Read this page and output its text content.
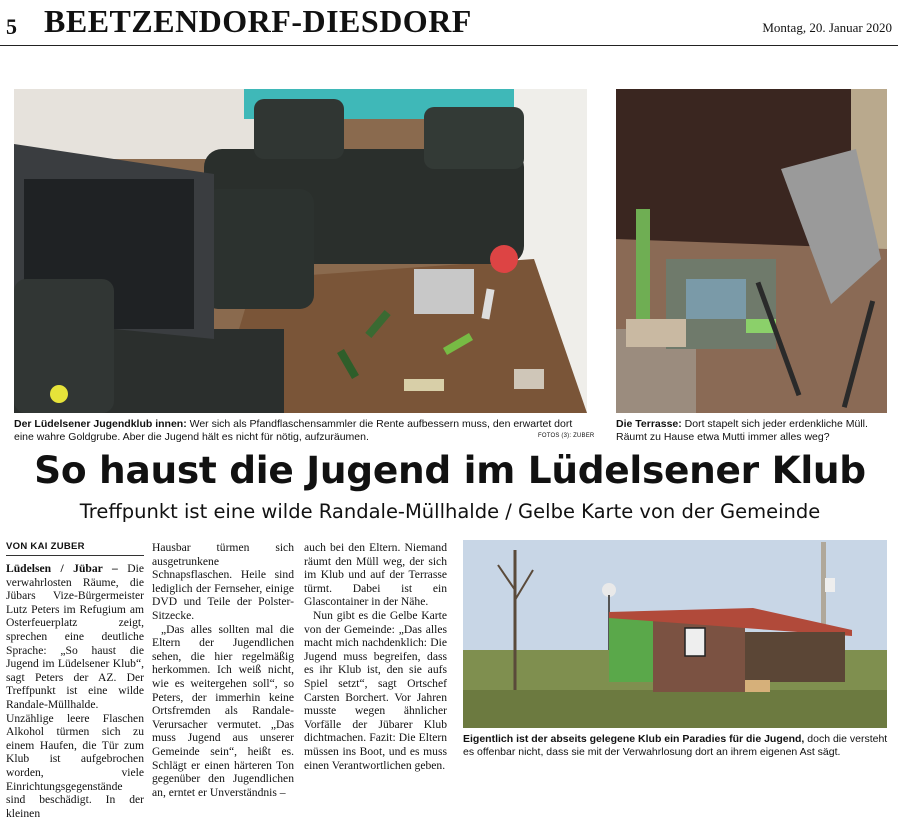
5 BEETZENDORF-DIESDORF	Montag, 20. Januar 2020
Der Lüdelsener Jugendklub innen: Wer sich als Pfandflaschensammler die Rente aufbessern muss, den erwartet dort eine wahre Goldgrube. Aber die Jugend hält es nicht für nötig, aufzuräumen.	FOTOS (3): ZUBER
Die Terrasse: Dort stapelt sich jeder erdenkliche Müll. Räumt zu Hause etwa Mutti immer alles weg?
So haust die Jugend im Lüdelsener Klub
Treffpunkt ist eine wilde Randale-Müllhalde / Gelbe Karte von der Gemeinde
VON KAI ZUBER

Lüdelsen / Jübar – Die verwahrlosten Räume, die Jübars Vize-Bürgermeister Lutz Peters im Refugium am Osterfeuerplatz zeigt, sprechen eine deutliche Sprache: „So haust die Jugend im Lüdelsener Klub“, sagt Peters der AZ. Der Treffpunkt ist eine wilde Randale-Müllhalde. Unzählige leere Flaschen Alkohol türmen sich zu einem Haufen, die Tür zum Klub ist aufgebrochen worden, viele Einrichtungsgegenstände sind beschädigt. In der kleinen

Hausbar türmen sich ausgetrunkene Schnapsflaschen. Heile sind lediglich der Fernseher, einige DVD und Teile der Polster-Sitzecke.

„Das alles sollten mal die Eltern der Jugendlichen sehen, die hier regelmäßig herkommen. Ich weiß nicht, wie es weitergehen soll“, so Peters, der immerhin keine Ortsfremden als Randale-Verursacher vermutet. „Das muss Jugend aus unserer Gemeinde sein“, heißt es. Schlägt er einen härteren Ton gegenüber den Jugendlichen an, erntet er Unverständnis –

auch bei den Eltern. Niemand räumt den Müll weg, der sich im Klub und auf der Terrasse türmt. Dabei ist ein Glascontainer in der Nähe.

Nun gibt es die Gelbe Karte von der Gemeinde: „Das alles macht mich nachdenklich: Die Jugend muss begreifen, dass es ihr Klub ist, den sie aufs Spiel setzt“, sagt Ortschef Carsten Borchert. Vor Jahren musste wegen ähnlicher Vorfälle der Jübarer Klub dichtmachen. Fazit: Die Eltern müssen ins Boot, und es muss einen Verantwortlichen geben.

Eigentlich ist der abseits gelegene Klub ein Paradies für die Jugend, doch die versteht es offenbar nicht, dass sie mit der Verwahrlosung dort an ihrem eigenen Ast sägt.
